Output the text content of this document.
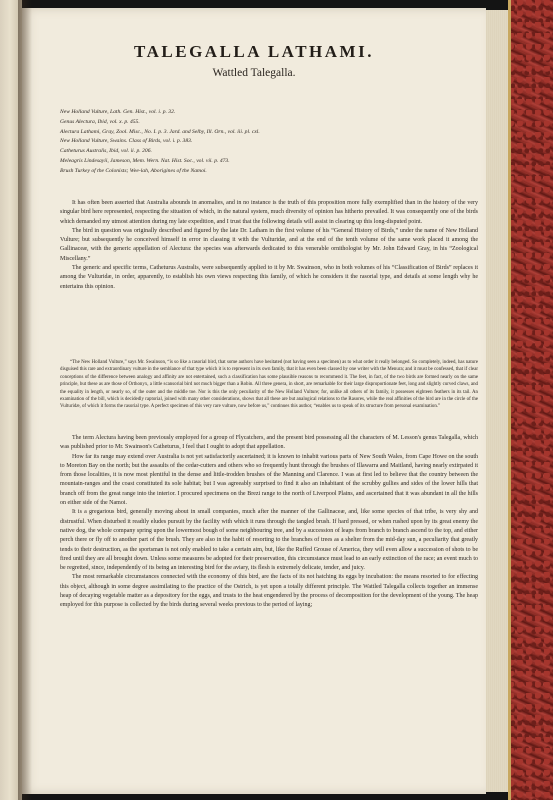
TALEGALLA LATHAMI.
Wattled Talegalla.
New Holland Vulture, Lath. Gen. Hist., vol. i. p. 32.
Genus Alectura, Ibid, vol. x. p. 455.
Alectura Lathami, Gray, Zool. Misc., No. I. p. 3. Jard. and Selby, Ill. Orn., vol. iii. pl. cxl.
New Holland Vulture, Swains. Class of Birds, vol. i. p. 383.
Catheturus Australis, Ibid, vol. ii. p. 206.
Meleagris Lindesayii, Jameson, Mem. Wern. Nat. Hist. Soc., vol. vii. p. 473.
Brush Turkey of the Colonists; Wee-lah, Aborigines of the Namoi.

It has often been asserted that Australia abounds in anomalies, and in no instance is the truth of this proposition more fully exemplified than in the history of the very singular bird here represented, respecting the situation of which, in the natural system, much diversity of opinion has hitherto prevailed. It was consequently one of the birds which demanded my utmost attention during my late expedition, and I trust that the following details will assist in clearing up this long-disputed point.

The bird in question was originally described and figured by the late Dr. Latham in the first volume of his “General History of Birds,” under the name of New Holland Vulture; but subsequently he conceived himself in error in classing it with the Vulturidæ, and at the end of the tenth volume of the same work placed it among the Gallinaceæ, with the generic appellation of Alectura: the species was afterwards dedicated to this venerable ornithologist by Mr. John Edward Gray, in his “Zoological Miscellany.”

The generic and specific terms, Catheturus Australis, were subsequently applied to it by Mr. Swainson, who in both volumes of his “Classification of Birds” replaces it among the Vulturidæ, in order, apparently, to establish his own views respecting this family, of which he considers it the rasorial type, and details at some length why he entertains this opinion.

“The New Holland Vulture,” says Mr. Swainson, “is so like a rasorial bird, that some authors have hesitated (not having seen a specimen) as to what order it really belonged. So completely, indeed, has nature disguised this rare and extraordinary vulture in the semblance of that type which it is to represent in its own family, that it has even been classed by one writer with the Menura; and it must be confessed, that if clear conceptions of the difference between analogy and affinity are not entertained, such a classification has some plausible reasons to recommend it. The feet, in fact, of the two birds are formed nearly on the same principle, but these as are those of Orthonyx, a little scansorial bird not much bigger than a Robin. All three genera, in short, are remarkable for their large disproportionate feet, long and slightly curved claws, and the equality in length, or nearly so, of the outer and the middle toe. Nor is this the only peculiarity of the New Holland Vulture; for, unlike all others of its family, it possesses eighteen feathers in its tail. An examination of the bill, which is decidedly raptorial, joined with many other considerations, shows that all these are but analogical relations to the Rasores, while the real affinities of the bird are in the circle of the Vulturidæ, of which it forms the rasorial type. A perfect specimen of this very rare vulture, now before us,” continues this author, “enables us to speak of its structure from personal examination.”

The term Alectura having been previously employed for a group of Flycatchers, and the present bird possessing all the characters of M. Lesson's genus Talegalla, which was published prior to Mr. Swainson's Catheturus, I feel that I ought to adopt that appellation.

How far its range may extend over Australia is not yet satisfactorily ascertained; it is known to inhabit various parts of New South Wales, from Cape Howe on the south to Moreton Bay on the north; but the assaults of the cedar-cutters and others who so frequently hunt through the brushes of Illawarra and Maitland, having nearly extirpated it from those localities, it is now most plentiful in the dense and little-trodden brushes of the Manning and Clarence. I was at first led to believe that the country between the mountain-ranges and the coast constituted its sole habitat; but I was agreeably surprised to find it also an inhabitant of the scrubby gullies and sides of the lower hills that branch off from the great range into the interior. I procured specimens on the Brezi range to the north of Liverpool Plains, and ascertained that it was abundant in all the hills on either side of the Namoi.

It is a gregarious bird, generally moving about in small companies, much after the manner of the Gallinaceæ, and, like some species of that tribe, is very shy and distrustful. When disturbed it readily eludes pursuit by the facility with which it runs through the tangled brush. If hard pressed, or when rushed upon by its great enemy the native dog, the whole company spring upon the lowermost bough of some neighbouring tree, and by a succession of leaps from branch to branch ascend to the top, and either perch there or fly off to another part of the brush. They are also in the habit of resorting to the branches of trees as a shelter from the mid-day sun, a peculiarity that greatly tends to their destruction, as the sportsman is not only enabled to take a certain aim, but, like the Ruffed Grouse of America, they will even allow a succession of shots to be fired until they are all brought down. Unless some measures be adopted for their preservation, this circumstance must lead to an early extinction of the race; an event much to be regretted, since, independently of its being an interesting bird for the aviary, its flesh is extremely delicate, tender, and juicy.

The most remarkable circumstances connected with the economy of this bird, are the facts of its not hatching its eggs by incubation: the means resorted to for effecting this object, although in some degree assimilating to the practice of the Ostrich, is yet upon a totally different principle. The Wattled Talegalla collects together an immense heap of decaying vegetable matter as a depository for the eggs, and trusts to the heat engendered by the process of decomposition for the development of the young. The heap employed for this purpose is collected by the birds during several weeks previous to the period of laying;
